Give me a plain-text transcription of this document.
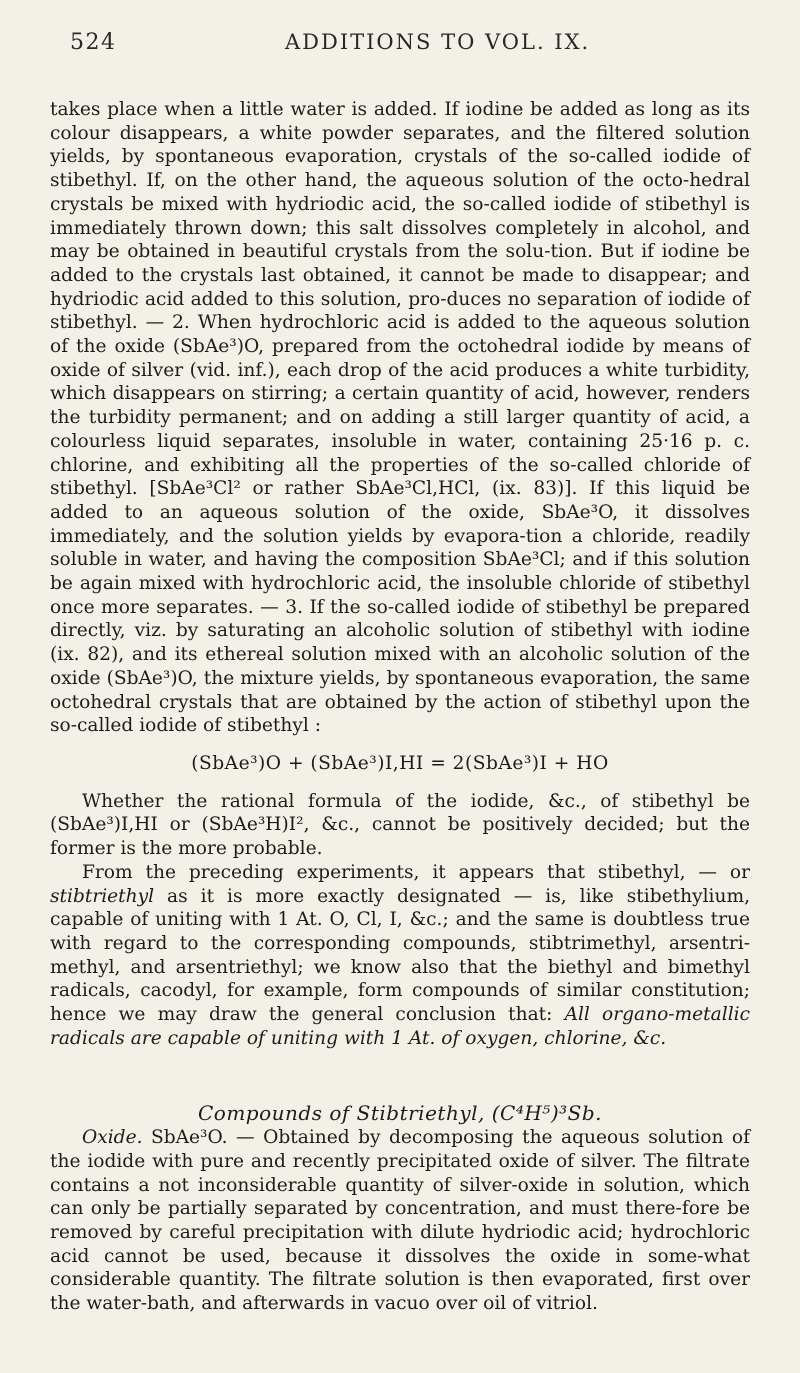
524	ADDITIONS TO VOL. IX.

takes place when a little water is added. If iodine be added as long as its colour disappears, a white powder separates, and the filtered solution yields, by spontaneous evaporation, crystals of the so-called iodide of stibethyl. If, on the other hand, the aqueous solution of the octo-hedral crystals be mixed with hydriodic acid, the so-called iodide of stibethyl is immediately thrown down; this salt dissolves completely in alcohol, and may be obtained in beautiful crystals from the solu-tion. But if iodine be added to the crystals last obtained, it cannot be made to disappear; and hydriodic acid added to this solution, pro-duces no separation of iodide of stibethyl. — 2. When hydrochloric acid is added to the aqueous solution of the oxide (SbAe³)O, prepared from the octohedral iodide by means of oxide of silver (vid. inf.), each drop of the acid produces a white turbidity, which disappears on stirring; a certain quantity of acid, however, renders the turbidity permanent; and on adding a still larger quantity of acid, a colourless liquid separates, insoluble in water, containing 25·16 p. c. chlorine, and exhibiting all the properties of the so-called chloride of stibethyl. [SbAe³Cl² or rather SbAe³Cl,HCl, (ix. 83)]. If this liquid be added to an aqueous solution of the oxide, SbAe³O, it dissolves immediately, and the solution yields by evapora-tion a chloride, readily soluble in water, and having the composition SbAe³Cl; and if this solution be again mixed with hydrochloric acid, the insoluble chloride of stibethyl once more separates. — 3. If the so-called iodide of stibethyl be prepared directly, viz. by saturating an alcoholic solution of stibethyl with iodine (ix. 82), and its ethereal solution mixed with an alcoholic solution of the oxide (SbAe³)O, the mixture yields, by spontaneous evaporation, the same octohedral crystals that are obtained by the action of stibethyl upon the so-called iodide of stibethyl :

(SbAe³)O + (SbAe³)I,HI = 2(SbAe³)I + HO

Whether the rational formula of the iodide, &c., of stibethyl be (SbAe³)I,HI or (SbAe³H)I², &c., cannot be positively decided; but the former is the more probable.

From the preceding experiments, it appears that stibethyl, — or stibtriethyl as it is more exactly designated — is, like stibethylium, capable of uniting with 1 At. O, Cl, I, &c.; and the same is doubtless true with regard to the corresponding compounds, stibtrimethyl, arsentri-methyl, and arsentriethyl; we know also that the biethyl and bimethyl radicals, cacodyl, for example, form compounds of similar constitution; hence we may draw the general conclusion that: All organo-metallic radicals are capable of uniting with 1 At. of oxygen, chlorine, &c.

Compounds of Stibtriethyl, (C⁴H⁵)³Sb.

Oxide. SbAe³O. — Obtained by decomposing the aqueous solution of the iodide with pure and recently precipitated oxide of silver. The filtrate contains a not inconsiderable quantity of silver-oxide in solution, which can only be partially separated by concentration, and must there-fore be removed by careful precipitation with dilute hydriodic acid; hydrochloric acid cannot be used, because it dissolves the oxide in some-what considerable quantity. The filtrate solution is then evaporated, first over the water-bath, and afterwards in vacuo over oil of vitriol.
